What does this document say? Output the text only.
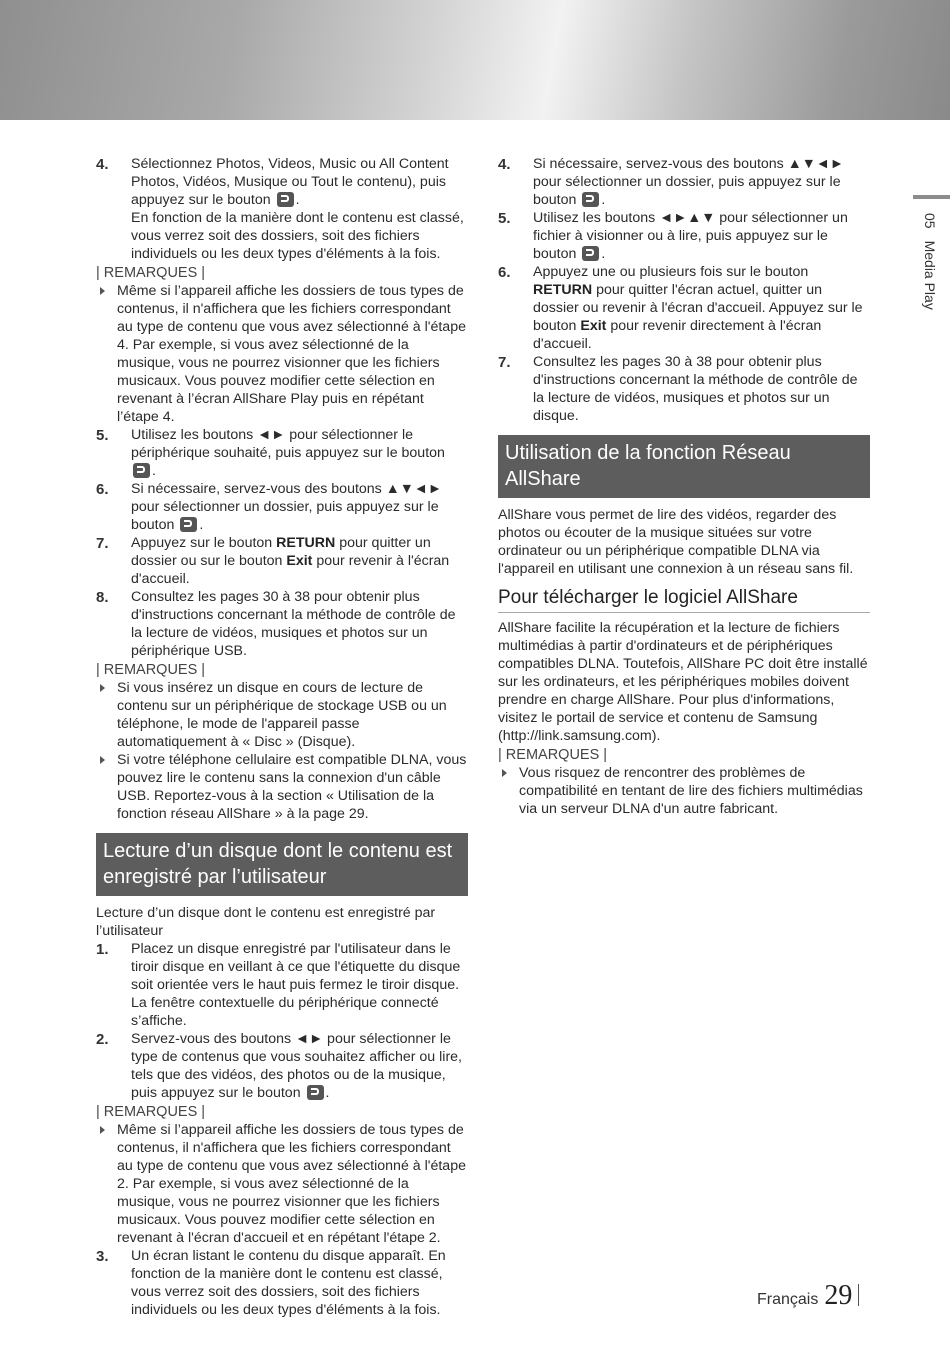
05Media Play
4. Sélectionnez Photos, Videos, Music ou All Content Photos, Vidéos, Musique ou Tout le contenu), puis appuyez sur le bouton .
En fonction de la manière dont le contenu est classé, vous verrez soit des dossiers, soit des fichiers individuels ou les deux types d'éléments à la fois.
| REMARQUES |
Même si l’appareil affiche les dossiers de tous types de contenus, il n'affichera que les fichiers correspondant au type de contenu que vous avez sélectionné à l'étape 4. Par exemple, si vous avez sélectionné de la musique, vous ne pourrez visionner que les fichiers musicaux. Vous pouvez modifier cette sélection en revenant à l’écran AllShare Play puis en répétant l’étape 4.
5. Utilisez les boutons ◄► pour sélectionner le périphérique souhaité, puis appuyez sur le bouton .
6. Si nécessaire, servez-vous des boutons ▲▼◄► pour sélectionner un dossier, puis appuyez sur le bouton .
7. Appuyez sur le bouton RETURN pour quitter un dossier ou sur le bouton Exit pour revenir à l'écran d'accueil.
8. Consultez les pages 30 à 38 pour obtenir plus d'instructions concernant la méthode de contrôle de la lecture de vidéos, musiques et photos sur un périphérique USB.
| REMARQUES |
Si vous insérez un disque en cours de lecture de contenu sur un périphérique de stockage USB ou un téléphone, le mode de l'appareil passe automatiquement à « Disc » (Disque).
Si votre téléphone cellulaire est compatible DLNA, vous pouvez lire le contenu sans la connexion d'un câble USB. Reportez-vous à la section « Utilisation de la fonction réseau AllShare » à la page 29.
Lecture d’un disque dont le contenu est enregistré par l’utilisateur
Lecture d’un disque dont le contenu est enregistré par l’utilisateur
1. Placez un disque enregistré par l'utilisateur dans le tiroir disque en veillant à ce que l'étiquette du disque soit orientée vers le haut puis fermez le tiroir disque. La fenêtre contextuelle du périphérique connecté s’affiche.
2. Servez-vous des boutons ◄► pour sélectionner le type de contenus que vous souhaitez afficher ou lire, tels que des vidéos, des photos ou de la musique, puis appuyez sur le bouton .
| REMARQUES |
Même si l’appareil affiche les dossiers de tous types de contenus, il n'affichera que les fichiers correspondant au type de contenu que vous avez sélectionné à l'étape 2. Par exemple, si vous avez sélectionné de la musique, vous ne pourrez visionner que les fichiers musicaux. Vous pouvez modifier cette sélection en revenant à l'écran d'accueil et en répétant l'étape 2.
3. Un écran listant le contenu du disque apparaît. En fonction de la manière dont le contenu est classé, vous verrez soit des dossiers, soit des fichiers individuels ou les deux types d'éléments à la fois.
4. Si nécessaire, servez-vous des boutons ▲▼◄► pour sélectionner un dossier, puis appuyez sur le bouton .
5. Utilisez les boutons ◄►▲▼ pour sélectionner un fichier à visionner ou à lire, puis appuyez sur le bouton .
6. Appuyez une ou plusieurs fois sur le bouton RETURN pour quitter l'écran actuel, quitter un dossier ou revenir à l'écran d'accueil. Appuyez sur le bouton Exit pour revenir directement à l'écran d'accueil.
7. Consultez les pages 30 à 38 pour obtenir plus d'instructions concernant la méthode de contrôle de la lecture de vidéos, musiques et photos sur un disque.
Utilisation de la fonction Réseau AllShare
AllShare vous permet de lire des vidéos, regarder des photos ou écouter de la musique situées sur votre ordinateur ou un périphérique compatible DLNA via l'appareil en utilisant une connexion à un réseau sans fil.
Pour télécharger le logiciel AllShare
AllShare facilite la récupération et la lecture de fichiers multimédias à partir d'ordinateurs et de périphériques compatibles DLNA. Toutefois, AllShare PC doit être installé sur les ordinateurs, et les périphériques mobiles doivent prendre en charge AllShare. Pour plus d'informations, visitez le portail de service et contenu de Samsung (http://link.samsung.com).
| REMARQUES |
Vous risquez de rencontrer des problèmes de compatibilité en tentant de lire des fichiers multimédias via un serveur DLNA d'un autre fabricant.
Français 29
